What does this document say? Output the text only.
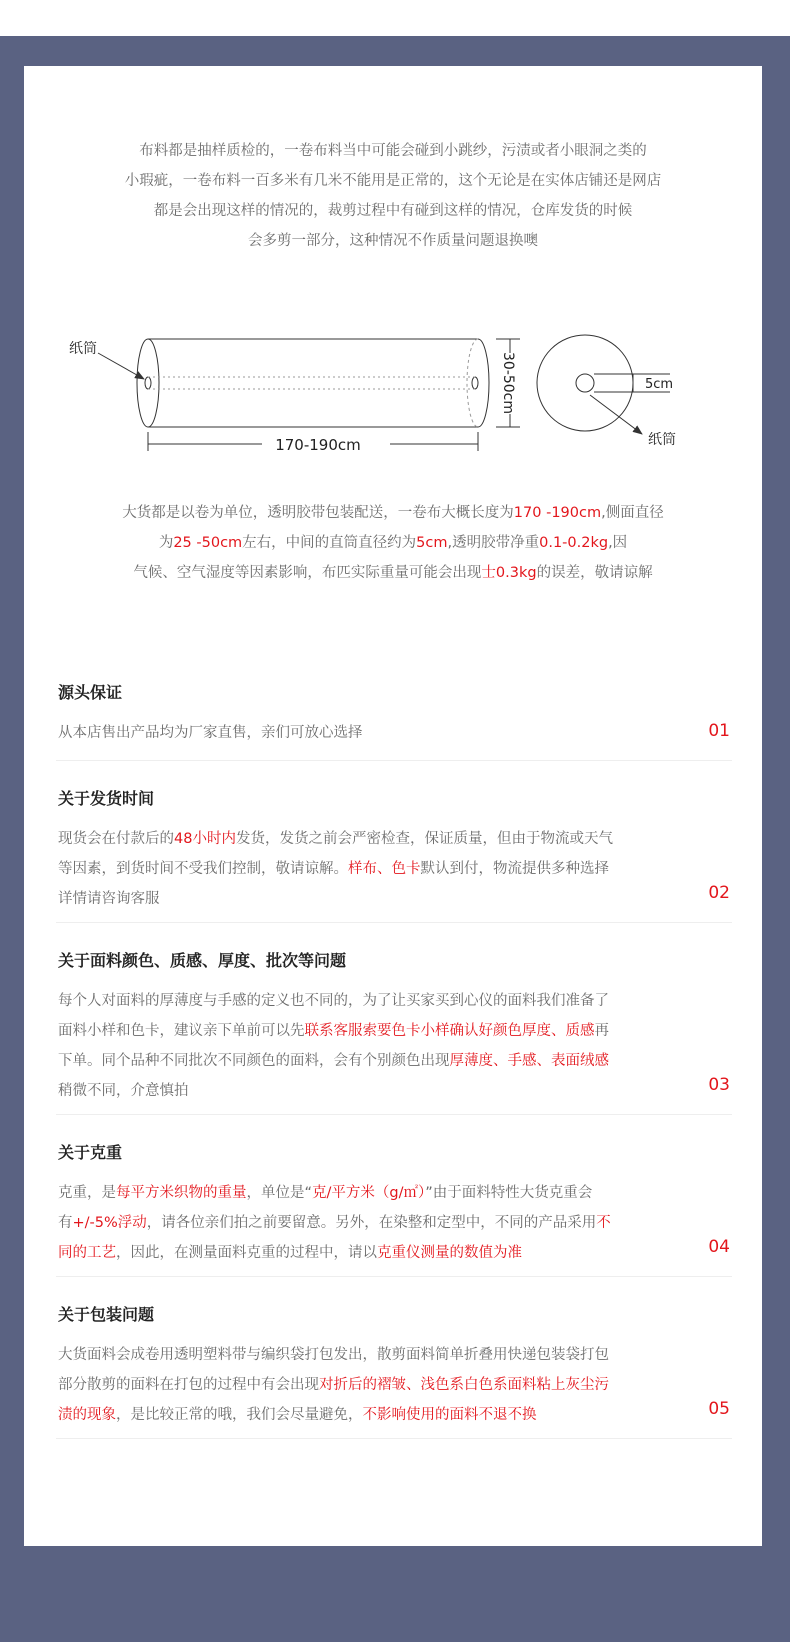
布料都是抽样质检的，一卷布料当中可能会碰到小跳纱，污渍或者小眼洞之类的

小瑕疵，一卷布料一百多米有几米不能用是正常的，这个无论是在实体店铺还是网店

都是会出现这样的情况的，裁剪过程中有碰到这样的情况，仓库发货的时候

会多剪一部分，这种情况不作质量问题退换噢

纸筒
170-190cm
30-50cm	5cm
纸筒

大货都是以卷为单位，透明胶带包装配送，一卷布大概长度为170 -190cm,侧面直径

为25 -50cm左右，中间的直筒直径约为5cm,透明胶带净重0.1-0.2kg,因

气候、空气湿度等因素影响，布匹实际重量可能会出现士0.3kg的误差，敬请谅解

源头保证

从本店售出产品均为厂家直售，亲们可放心选择	01
关于发货时间

现货会在付款后的48小时内发货，发货之前会严密检查，保证质量，但由于物流或天气

等因素，到货时间不受我们控制，敬请谅解。样布、色卡默认到付，物流提供多种选择

详情请咨询客服	02
关于面料颜色、质感、厚度、批次等问题

每个人对面料的厚薄度与手感的定义也不同的，为了让买家买到心仪的面料我们准备了

面料小样和色卡，建议亲下单前可以先联系客服索要色卡小样确认好颜色厚度、质感再

下单。同个品种不同批次不同颜色的面料，会有个别颜色出现厚薄度、手感、表面绒感

稍微不同，介意慎拍	03
关于克重

克重，是每平方米织物的重量，单位是“克/平方米（g/㎡）”由于面料特性大货克重会

有+/-5%浮动，请各位亲们拍之前要留意。另外，在染整和定型中，不同的产品采用不

同的工艺，因此，在测量面料克重的过程中，请以克重仪测量的数值为准	04
关于包装问题

大货面料会成卷用透明塑料带与编织袋打包发出，散剪面料简单折叠用快递包装袋打包

部分散剪的面料在打包的过程中有会出现对折后的褶皱、浅色系白色系面料粘上灰尘污

渍的现象，是比较正常的哦，我们会尽量避免，不影响使用的面料不退不换	05
